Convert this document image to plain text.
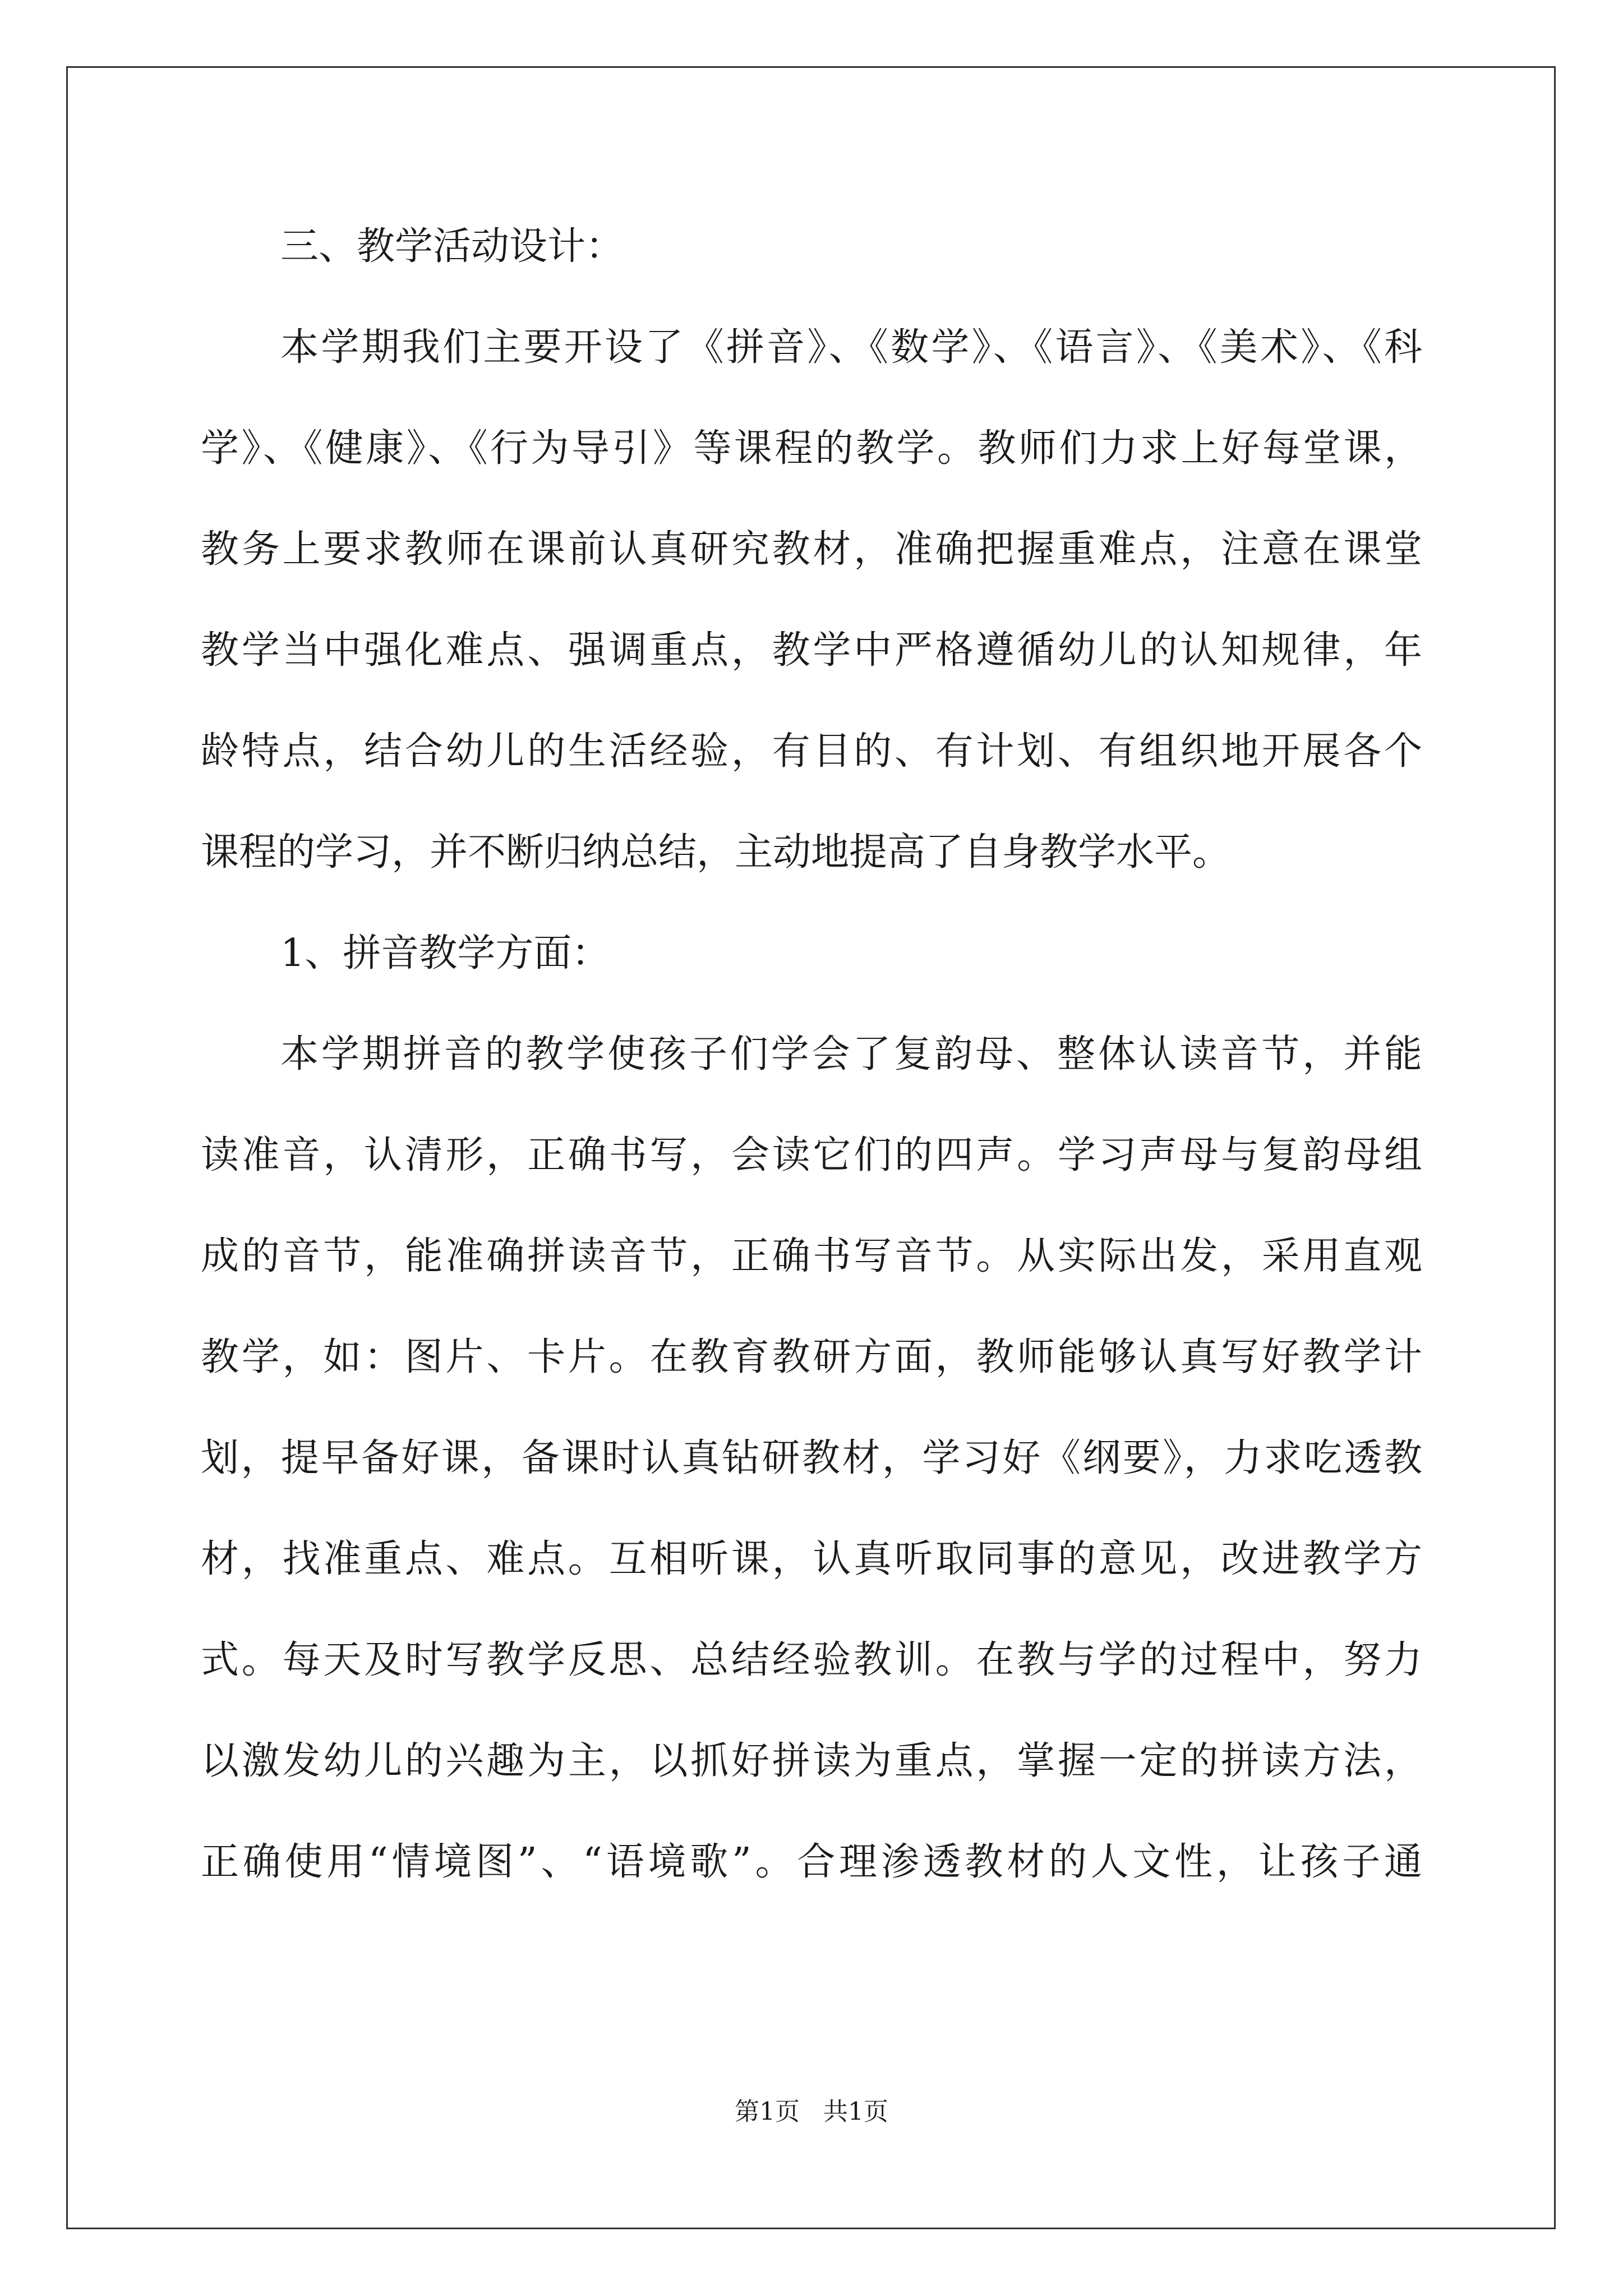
三、教学活动设计：
本学期我们主要开设了《拼音》、《数学》、《语言》、《美术》、《科
学》、《健康》、《行为导引》等课程的教学。教师们力求上好每堂课，
教务上要求教师在课前认真研究教材，准确把握重难点，注意在课堂
教学当中强化难点、强调重点，教学中严格遵循幼儿的认知规律，年
龄特点，结合幼儿的生活经验，有目的、有计划、有组织地开展各个
课程的学习，并不断归纳总结，主动地提高了自身教学水平。
1、拼音教学方面：
本学期拼音的教学使孩子们学会了复韵母、整体认读音节，并能
读准音，认清形，正确书写，会读它们的四声。学习声母与复韵母组
成的音节，能准确拼读音节，正确书写音节。从实际出发，采用直观
教学，如：图片、卡片。在教育教研方面，教师能够认真写好教学计
划，提早备好课，备课时认真钻研教材，学习好《纲要》，力求吃透教
材，找准重点、难点。互相听课，认真听取同事的意见，改进教学方
式。每天及时写教学反思、总结经验教训。在教与学的过程中，努力
以激发幼儿的兴趣为主，以抓好拼读为重点，掌握一定的拼读方法，
正确使用“情境图”、“语境歌”。合理渗透教材的人文性，让孩子通
第1页   共1页
